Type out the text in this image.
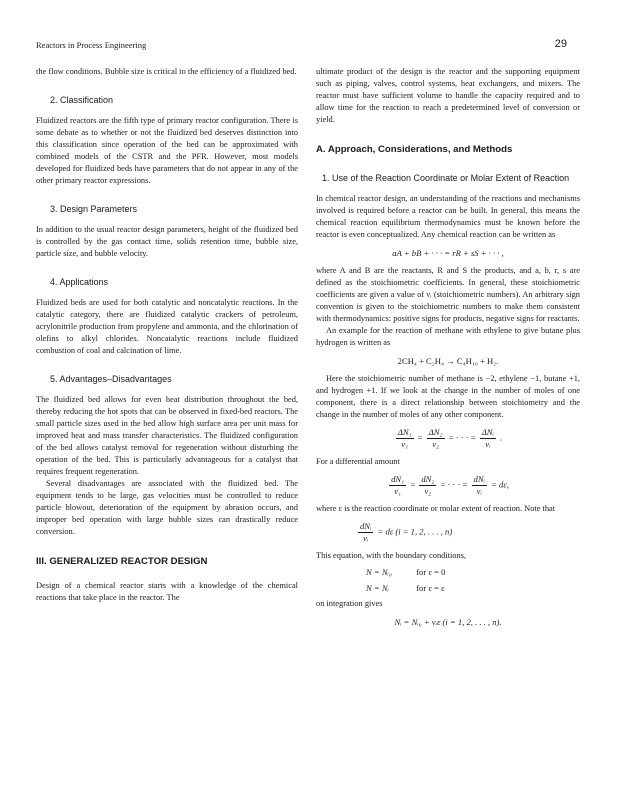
Reactors in Process Engineering	29

the flow conditions. Bubble size is critical to the efficiency of a fluidized bed.

2. Classification

Fluidized reactors are the fifth type of primary reactor configuration. There is some debate as to whether or not the fluidized bed deserves distinction into this classification since operation of the bed can be approximated with combined models of the CSTR and the PFR. However, most models developed for fluidized beds have parameters that do not appear in any of the other primary reactor expressions.

3. Design Parameters

In addition to the usual reactor design parameters, height of the fluidized bed is controlled by the gas contact time, solids retention time, bubble size, particle size, and bubble velocity.

4. Applications

Fluidized beds are used for both catalytic and noncatalytic reactions. In the catalytic category, there are fluidized catalytic crackers of petroleum, acrylonitrile production from propylene and ammonia, and the chlorination of olefins to alkyl chlorides. Noncatalytic reactions include fluidized combustion of coal and calcination of lime.

5. Advantages–Disadvantages

The fluidized bed allows for even heat distribution throughout the bed, thereby reducing the hot spots that can be observed in fixed-bed reactors. The small particle sizes used in the bed allow high surface area per unit mass for improved heat and mass transfer characteristics. The fluidized configuration of the bed allows catalyst removal for regeneration without disturbing the operation of the bed. This is particularly advantageous for a catalyst that requires frequent regeneration.

Several disadvantages are associated with the fluidized bed. The equipment tends to be large, gas velocities must be controlled to reduce particle blowout, deterioration of the equipment by abrasion occurs, and improper bed operation with large bubble sizes can drastically reduce conversion.

III. GENERALIZED REACTOR DESIGN

Design of a chemical reactor starts with a knowledge of the chemical reactions that take place in the reactor. The

ultimate product of the design is the reactor and the supporting equipment such as piping, valves, control systems, heat exchangers, and mixers. The reactor must have sufficient volume to handle the capacity required and to allow time for the reaction to reach a predetermined level of conversion or yield.

A. Approach, Considerations, and Methods
1. Use of the Reaction Coordinate or Molar Extent of Reaction

In chemical reactor design, an understanding of the reactions and mechanisms involved is required before a reactor can be built. In general, this means the chemical reaction equilibrium thermodynamics must be known before the reactor is even conceptualized. Any chemical reaction can be written as

aA + bB + · · · = rR + sS + · · · ,

where A and B are the reactants, R and S the products, and a, b, r, s are defined as the stoichiometric coefficients. In general, these stoichiometric coefficients are given a value of νᵢ (stoichiometric numbers). An arbitrary sign convention is given to the stoichiometric numbers to make them consistent with thermodynamics: positive signs for products, negative signs for reactants.

An example for the reaction of methane with ethylene to give butane plus hydrogen is written as

2CH₄ + C₂H₄ → C₄H₁₀ + H₂.

Here the stoichiometric number of methane is −2, ethylene −1, butane +1, and hydrogen +1. If we look at the change in the number of moles of one component, there is a direct relationship between stoichiometry and the change in the number of moles of any other component.

$\frac{\text{ΔN₁}}{\text{ν₁}} = \frac{\text{ΔN₂}}{\text{ν₂}}$ = · · · = $\frac{\text{ΔNᵢ}}{\text{νᵢ}}$ .

For a differential amount

$\frac{\text{dN₁}}{\text{ν₁}} = \frac{\text{dN₂}}{\text{ν₂}}$ = · · · = $\frac{\text{dNᵢ}}{\text{νᵢ}} = d\varepsilon$,

where ε is the reaction coordinate or molar extent of reaction. Note that

$\frac{\text{dNᵢ}}{\text{νᵢ}} = d\varepsilon$ (i = 1, 2, . . . , n)

This equation, with the boundary conditions,

N = Nᵢ₀	for ε = 0
N = Nᵢ	for ε = ε

on integration gives

Nᵢ = Nᵢ₀ + νᵢε (i = 1, 2, . . . , n).
